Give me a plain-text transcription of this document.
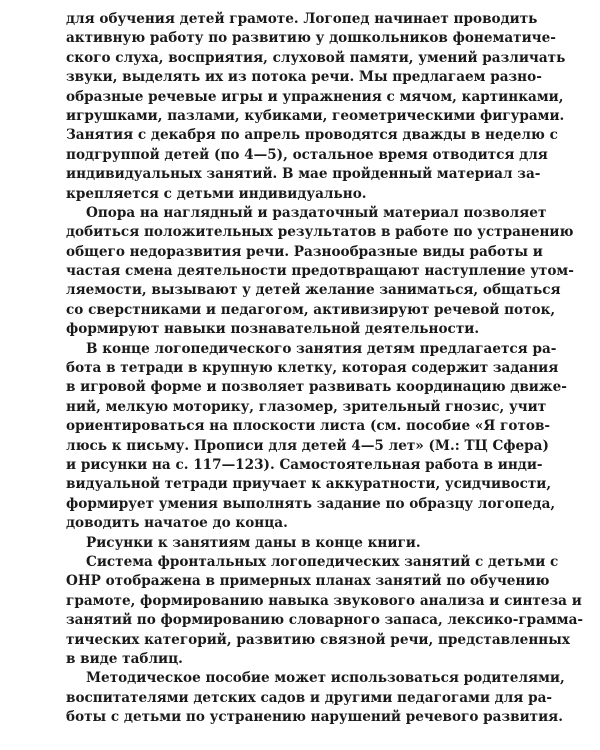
для обучения детей грамоте. Логопед начинает проводить
активную работу по развитию у дошкольников фонематиче-
ского слуха, восприятия, слуховой памяти, умений различать
звуки, выделять их из потока речи. Мы предлагаем разно-
образные речевые игры и упражнения с мячом, картинками,
игрушками, пазлами, кубиками, геометрическими фигурами.
Занятия с декабря по апрель проводятся дважды в неделю с
подгруппой детей (по 4—5), остальное время отводится для
индивидуальных занятий. В мае пройденный материал за-
крепляется с детьми индивидуально.
Опора на наглядный и раздаточный материал позволяет
добиться положительных результатов в работе по устранению
общего недоразвития речи. Разнообразные виды работы и
частая смена деятельности предотвращают наступление утом-
ляемости, вызывают у детей желание заниматься, общаться
со сверстниками и педагогом, активизируют речевой поток,
формируют навыки познавательной деятельности.
В конце логопедического занятия детям предлагается ра-
бота в тетради в крупную клетку, которая содержит задания
в игровой форме и позволяет развивать координацию движе-
ний, мелкую моторику, глазомер, зрительный гнозис, учит
ориентироваться на плоскости листа (см. пособие «Я готов-
люсь к письму. Прописи для детей 4—5 лет» (М.: ТЦ Сфера)
и рисунки на с. 117—123). Самостоятельная работа в инди-
видуальной тетради приучает к аккуратности, усидчивости,
формирует умения выполнять задание по образцу логопеда,
доводить начатое до конца.
Рисунки к занятиям даны в конце книги.
Система фронтальных логопедических занятий с детьми с
ОНР отображена в примерных планах занятий по обучению
грамоте, формированию навыка звукового анализа и синтеза и
занятий по формированию словарного запаса, лексико-грамма-
тических категорий, развитию связной речи, представленных
в виде таблиц.
Методическое пособие может использоваться родителями,
воспитателями детских садов и другими педагогами для ра-
боты с детьми по устранению нарушений речевого развития.
